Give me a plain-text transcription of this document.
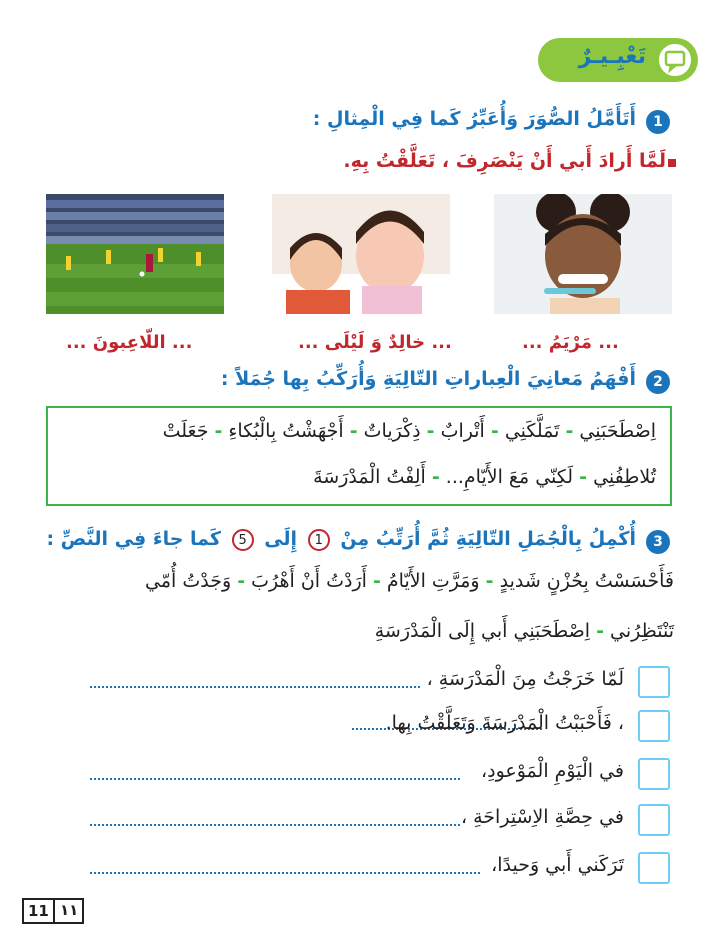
تَعْبِـيـرٌ
1
أَتَأَمَّلُ الصُّوَرَ وَأُعَبِّرُ كَما فِي الْمِثالِ :
لَمَّا أَرادَ أَبي أَنْ يَنْصَرِفَ ، تَعَلَّقْتُ بِهِ.
... مَرْيَمُ ...
... خالِدٌ وَ لَيْلَى ...
... اللّاعِبونَ ...
2
أَفْهَمُ مَعانِيَ الْعِباراتِ التّالِيَةِ وَأُرَكِّبُ بِها جُمَلاً :
اِصْطَحَبَنِي - تَمَلَّكَنِي - أَتْرابٌ - ذِكْرَياتٌ - أَجْهَشْتُ بِالْبُكاءِ - جَعَلَتْ
تُلاطِفُنِي - لَكِنّي مَعَ الأَيّامِ... - أَلِفْتُ الْمَدْرَسَةَ
3
أُكْمِلُ بِالْجُمَلِ التّالِيَةِ ثُمَّ أُرَتِّبُ مِنْ 1 إِلَى 5 كَما جاءَ فِي النَّصِّ :
فَأَحْسَسْتُ بِحُزْنٍ شَديدٍ - وَمَرَّتِ الأَيّامُ - أَرَدْتُ أَنْ أَهْرُبَ - وَجَدْتُ أُمّي
تَنْتَظِرُني - اِصْطَحَبَنِي أَبي إِلَى الْمَدْرَسَةِ
لَمّا خَرَجْتُ مِنَ الْمَدْرَسَةِ ،
، فَأَحْبَبْتُ الْمَدْرَسَةَ وَتَعَلَّقْتُ بِها.
في الْيَوْمِ الْمَوْعودِ،
في حِصَّةِ الاِسْتِراحَةِ ،
تَرَكَني أَبي وَحيدًا،
11 ١١
